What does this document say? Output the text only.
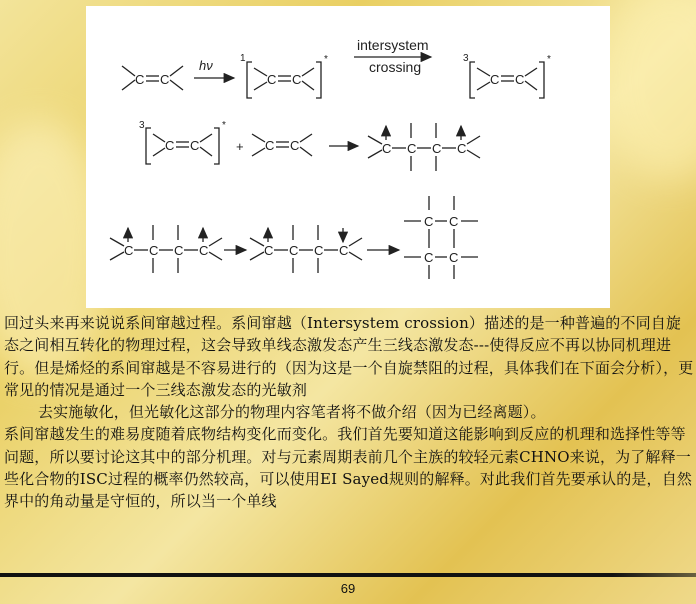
C C
hν	1
C C
*
intersystem
crossing
3
C C
*
3
C C
*
+ C C	C C C C
C C C C	C C C C
C C
C C

回过头来再来说说系间窜越过程。系间窜越（Intersystem crossion）描述的是一种普遍的不同自旋态之间相互转化的物理过程，这会导致单线态激发态产生三线态激发态---使得反应不再以协同机理进行。但是烯烃的系间窜越是不容易进行的（因为这是一个自旋禁阻的过程，具体我们在下面会分析），更常见的情况是通过一个三线态激发态的光敏剂

去实施敏化，但光敏化这部分的物理内容笔者将不做介绍（因为已经离题）。

系间窜越发生的难易度随着底物结构变化而变化。我们首先要知道这能影响到反应的机理和选择性等等问题，所以要讨论这其中的部分机理。对与元素周期表前几个主族的较轻元素CHNO来说，为了解释一些化合物的ISC过程的概率仍然较高，可以使用EI Sayed规则的解释。对此我们首先要承认的是，自然界中的角动量是守恒的，所以当一个单线

69
